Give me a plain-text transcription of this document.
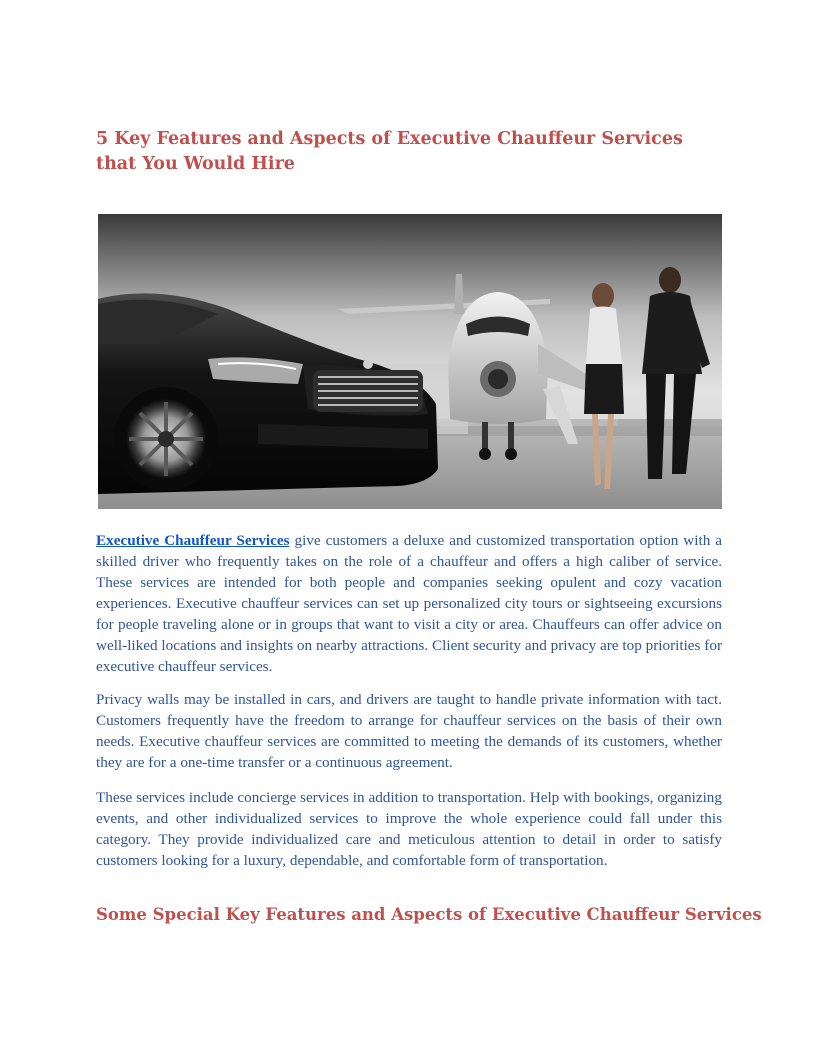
5 Key Features and Aspects of Executive Chauffeur Services that You Would Hire

Executive Chauffeur Services give customers a deluxe and customized transportation option with a skilled driver who frequently takes on the role of a chauffeur and offers a high caliber of service. These services are intended for both people and companies seeking opulent and cozy vacation experiences. Executive chauffeur services can set up personalized city tours or sightseeing excursions for people traveling alone or in groups that want to visit a city or area. Chauffeurs can offer advice on well-liked locations and insights on nearby attractions. Client security and privacy are top priorities for executive chauffeur services.

Privacy walls may be installed in cars, and drivers are taught to handle private information with tact. Customers frequently have the freedom to arrange for chauffeur services on the basis of their own needs. Executive chauffeur services are committed to meeting the demands of its customers, whether they are for a one-time transfer or a continuous agreement.

These services include concierge services in addition to transportation. Help with bookings, organizing events, and other individualized services to improve the whole experience could fall under this category. They provide individualized care and meticulous attention to detail in order to satisfy customers looking for a luxury, dependable, and comfortable form of transportation.

Some Special Key Features and Aspects of Executive Chauffeur Services
